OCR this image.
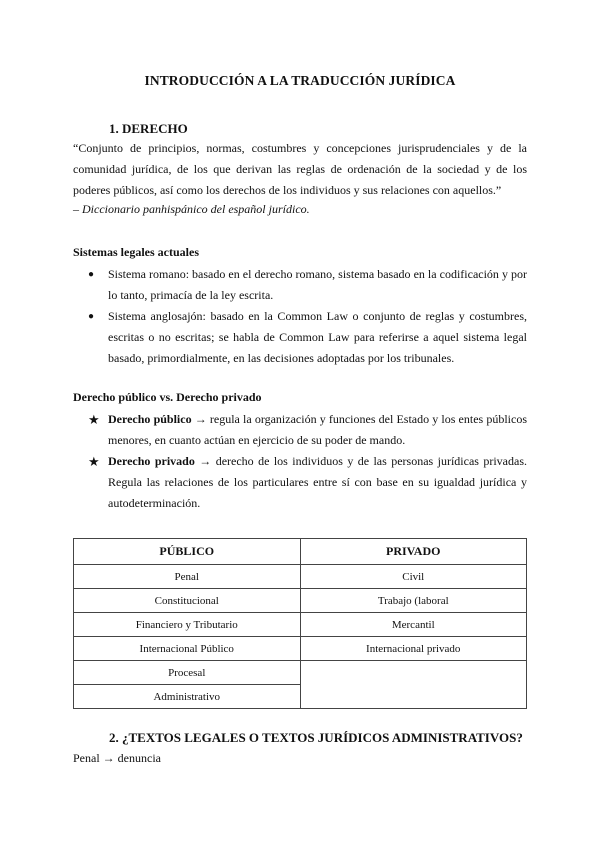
INTRODUCCIÓN A LA TRADUCCIÓN JURÍDICA
1. DERECHO
“Conjunto de principios, normas, costumbres y concepciones jurisprudenciales y de la comunidad jurídica, de los que derivan las reglas de ordenación de la sociedad y de los poderes públicos, así como los derechos de los individuos y sus relaciones con aquellos.”
– Diccionario panhispánico del español jurídico.
Sistemas legales actuales
● Sistema romano: basado en el derecho romano, sistema basado en la codificación y por lo tanto, primacía de la ley escrita.
● Sistema anglosajón: basado en la Common Law o conjunto de reglas y costumbres, escritas o no escritas; se habla de Common Law para referirse a aquel sistema legal basado, primordialmente, en las decisiones adoptadas por los tribunales.
Derecho público vs. Derecho privado
★ Derecho público → regula la organización y funciones del Estado y los entes públicos menores, en cuanto actúan en ejercicio de su poder de mando.
★ Derecho privado → derecho de los individuos y de las personas jurídicas privadas. Regula las relaciones de los particulares entre sí con base en su igualdad jurídica y autodeterminación.
PÚBLICO	PRIVADO
Penal	Civil
Constitucional	Trabajo (laboral
Financiero y Tributario	Mercantil
Internacional Público	Internacional privado
Procesal	
Administrativo	
2. ¿TEXTOS LEGALES O TEXTOS JURÍDICOS ADMINISTRATIVOS?
Penal → denuncia
